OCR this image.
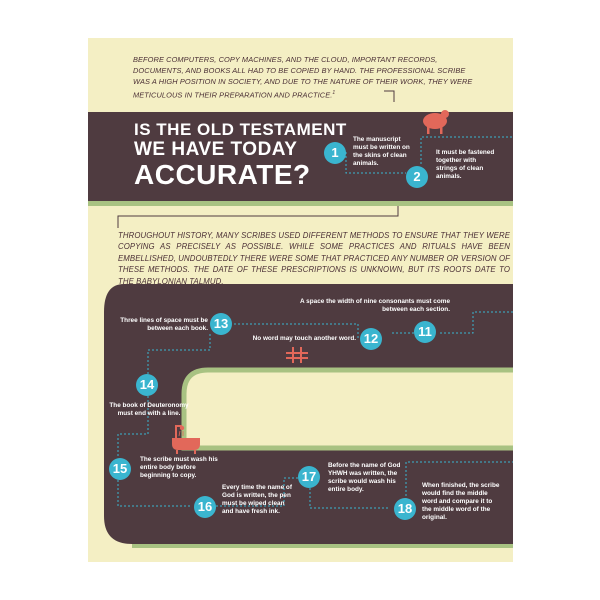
BEFORE COMPUTERS, COPY MACHINES, AND THE CLOUD, IMPORTANT RECORDS, DOCUMENTS, AND BOOKS ALL HAD TO BE COPIED BY HAND. THE PROFESSIONAL SCRIBE WAS A HIGH POSITION IN SOCIETY, AND DUE TO THE NATURE OF THEIR WORK, THEY WERE METICULOUS IN THEIR PREPARATION AND PRACTICE.$^1$
IS THE OLD TESTAMENT
WE HAVE TODAY
ACCURATE?
THROUGHOUT HISTORY, MANY SCRIBES USED DIFFERENT METHODS TO ENSURE THAT THEY WERE COPYING AS PRECISELY AS POSSIBLE. WHILE SOME PRACTICES AND RITUALS HAVE BEEN EMBELLISHED, UNDOUBTEDLY THERE WERE SOME THAT PRACTICED ANY NUMBER OR VERSION OF THESE METHODS. THE DATE OF THESE PRESCRIPTIONS IS UNKNOWN, BUT ITS ROOTS DATE TO THE BABYLONIAN TALMUD.
1
The manuscript must be written on the skins of clean animals.
2
It must be fastened together with strings of clean animals.
11
A space the width of nine consonants must come between each section.
12
No word may touch another word.
13
Three lines of space must be between each book.
14
The book of Deuteronomy must end with a line.
15
The scribe must wash his entire body before beginning to copy.
16
Every time the name of God is written, the pen must be wiped clean and have fresh ink.
17
Before the name of God YHWH was written, the scribe would wash his entire body.
18
When finished, the scribe would find the middle word and compare it to the middle word of the original.
